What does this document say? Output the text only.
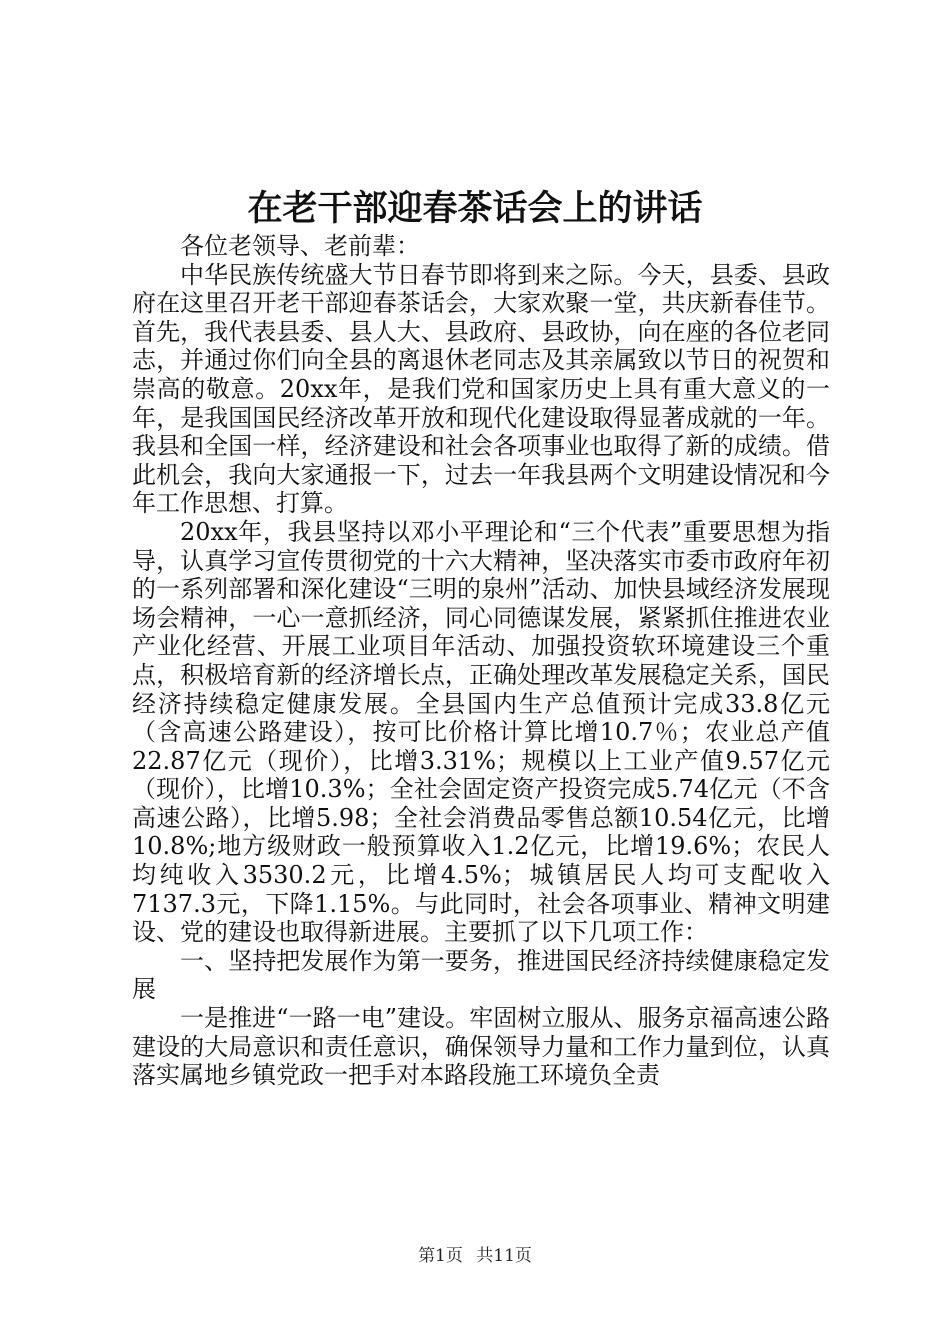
在老干部迎春茶话会上的讲话

各位老领导、老前辈：

中华民族传统盛大节日春节即将到来之际。今天，县委、县政府在这里召开老干部迎春茶话会，大家欢聚一堂，共庆新春佳节。首先，我代表县委、县人大、县政府、县政协，向在座的各位老同志，并通过你们向全县的离退休老同志及其亲属致以节日的祝贺和崇高的敬意。20xx年，是我们党和国家历史上具有重大意义的一年，是我国国民经济改革开放和现代化建设取得显著成就的一年。我县和全国一样，经济建设和社会各项事业也取得了新的成绩。借此机会，我向大家通报一下，过去一年我县两个文明建设情况和今年工作思想、打算。

20xx年，我县坚持以邓小平理论和“三个代表”重要思想为指导，认真学习宣传贯彻党的十六大精神，坚决落实市委市政府年初的一系列部署和深化建设“三明的泉州”活动、加快县域经济发展现场会精神，一心一意抓经济，同心同德谋发展，紧紧抓住推进农业产业化经营、开展工业项目年活动、加强投资软环境建设三个重点，积极培育新的经济增长点，正确处理改革发展稳定关系，国民经济持续稳定健康发展。全县国内生产总值预计完成33.8亿元（含高速公路建设），按可比价格计算比增10.7％；农业总产值22.87亿元（现价），比增3.31%；规模以上工业产值9.57亿元（现价），比增10.3%；全社会固定资产投资完成5.74亿元（不含高速公路），比增5.98；全社会消费品零售总额10.54亿元，比增10.8%;地方级财政一般预算收入1.2亿元，比增19.6%；农民人均纯收入3530.2元，比增4.5%；城镇居民人均可支配收入7137.3元，下降1.15%。与此同时，社会各项事业、精神文明建设、党的建设也取得新进展。主要抓了以下几项工作：

一、坚持把发展作为第一要务，推进国民经济持续健康稳定发展

一是推进“一路一电”建设。牢固树立服从、服务京福高速公路建设的大局意识和责任意识，确保领导力量和工作力量到位，认真落实属地乡镇党政一把手对本路段施工环境负全责

第1页 共11页
